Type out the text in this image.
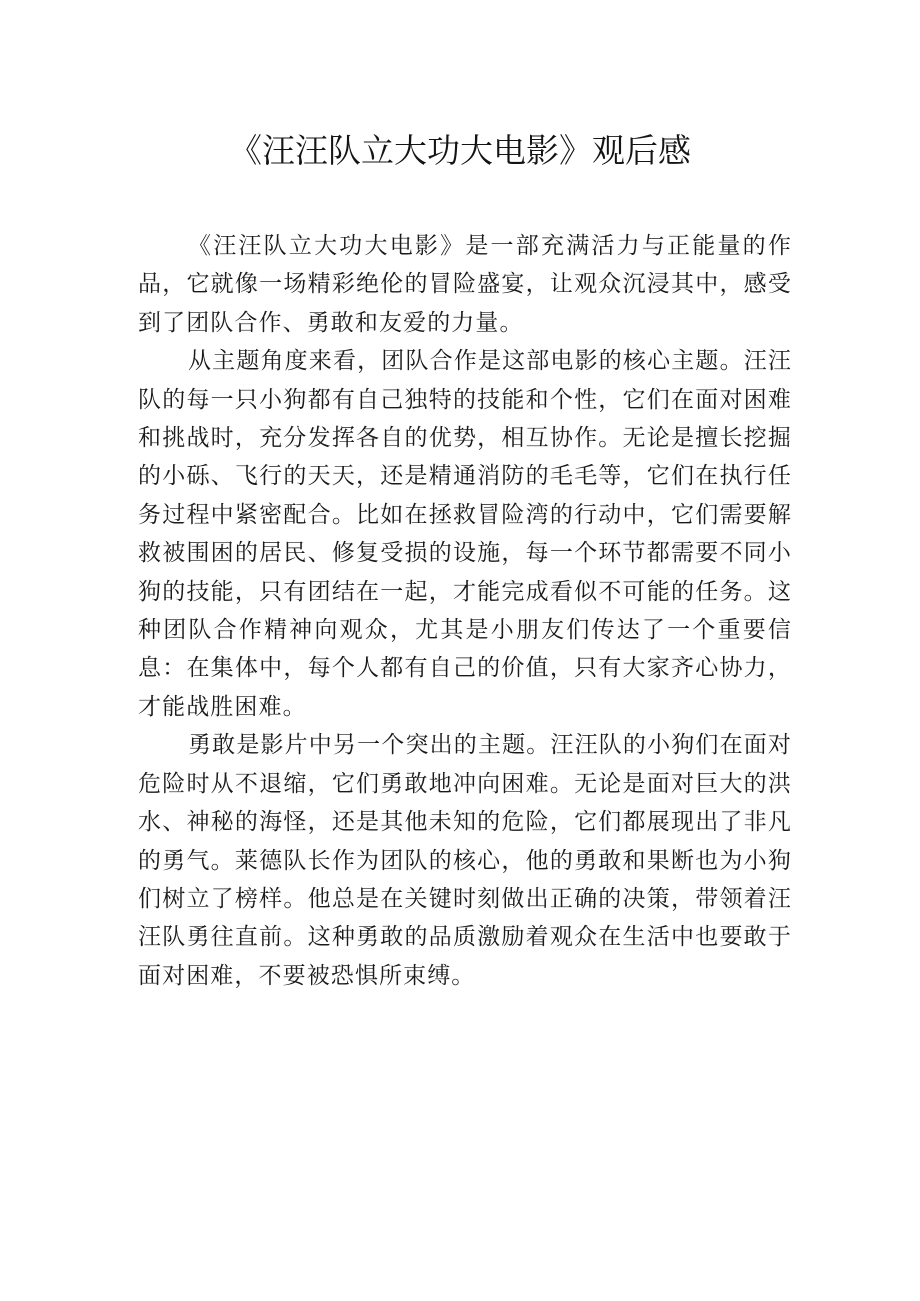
《汪汪队立大功大电影》观后感

《汪汪队立大功大电影》是一部充满活力与正能量的作品，它就像一场精彩绝伦的冒险盛宴，让观众沉浸其中，感受到了团队合作、勇敢和友爱的力量。

从主题角度来看，团队合作是这部电影的核心主题。汪汪队的每一只小狗都有自己独特的技能和个性，它们在面对困难和挑战时，充分发挥各自的优势，相互协作。无论是擅长挖掘的小砾、飞行的天天，还是精通消防的毛毛等，它们在执行任务过程中紧密配合。比如在拯救冒险湾的行动中，它们需要解救被围困的居民、修复受损的设施，每一个环节都需要不同小狗的技能，只有团结在一起，才能完成看似不可能的任务。这种团队合作精神向观众，尤其是小朋友们传达了一个重要信息：在集体中，每个人都有自己的价值，只有大家齐心协力，才能战胜困难。

勇敢是影片中另一个突出的主题。汪汪队的小狗们在面对危险时从不退缩，它们勇敢地冲向困难。无论是面对巨大的洪水、神秘的海怪，还是其他未知的危险，它们都展现出了非凡的勇气。莱德队长作为团队的核心，他的勇敢和果断也为小狗们树立了榜样。他总是在关键时刻做出正确的决策，带领着汪汪队勇往直前。这种勇敢的品质激励着观众在生活中也要敢于面对困难，不要被恐惧所束缚。
